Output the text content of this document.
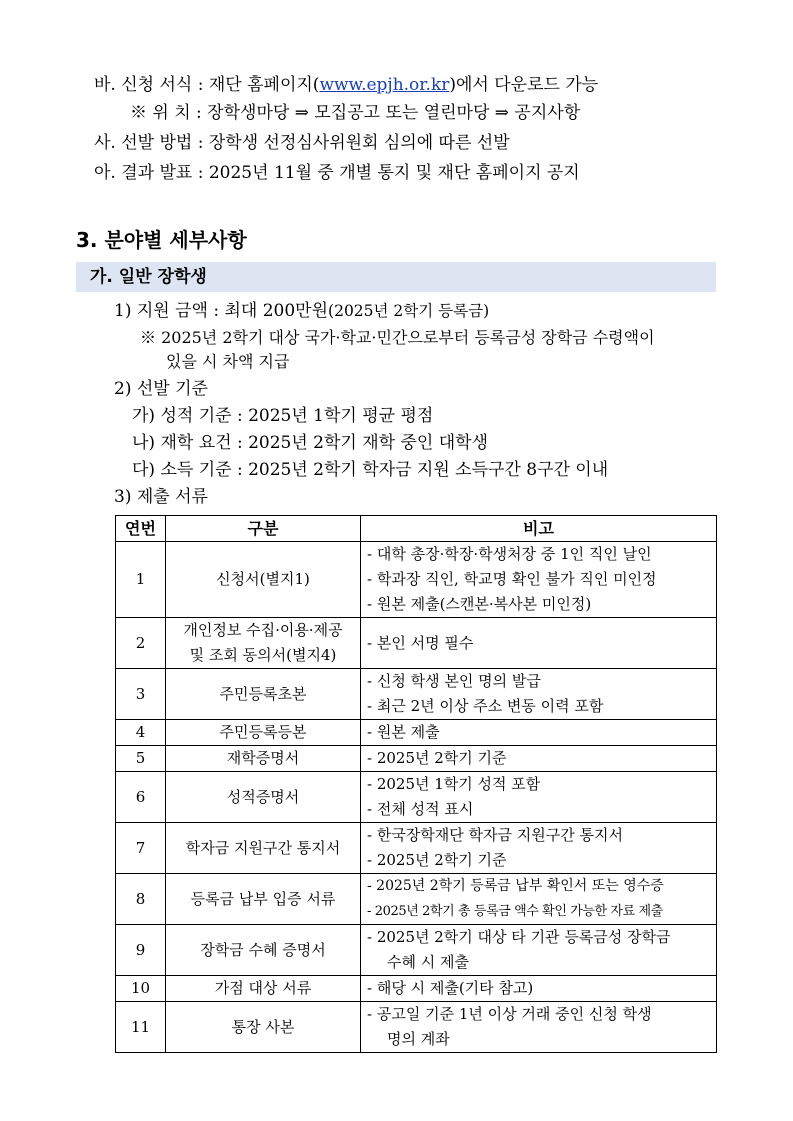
바. 신청 서식 : 재단 홈페이지(www.epjh.or.kr)에서 다운로드 가능
※ 위 치 : 장학생마당 ⇒ 모집공고 또는 열린마당 ⇒ 공지사항
사. 선발 방법 : 장학생 선정심사위원회 심의에 따른 선발
아. 결과 발표 : 2025년 11월 중 개별 통지 및 재단 홈페이지 공지
3. 분야별 세부사항
가. 일반 장학생
1) 지원 금액 : 최대 200만원(2025년 2학기 등록금)
※ 2025년 2학기 대상 국가·학교·민간으로부터 등록금성 장학금 수령액이
있을 시 차액 지급
2) 선발 기준
가) 성적 기준 : 2025년 1학기 평균 평점
나) 재학 요건 : 2025년 2학기 재학 중인 대학생
다) 소득 기준 : 2025년 2학기 학자금 지원 소득구간 8구간 이내
3) 제출 서류
연번	구분	비고
1	신청서(별지1)	- 대학 총장·학장·학생처장 중 1인 직인 날인
- 학과장 직인, 학교명 확인 불가 직인 미인정
- 원본 제출(스캔본·복사본 미인정)

2	개인정보 수집·이용·제공
및 조회 동의서(별지4)	- 본인 서명 필수

3	주민등록초본	- 신청 학생 본인 명의 발급
- 최근 2년 이상 주소 변동 이력 포함

4	주민등록등본	- 원본 제출

5	재학증명서	- 2025년 2학기 기준

6	성적증명서	- 2025년 1학기 성적 포함
- 전체 성적 표시

7	학자금 지원구간 통지서	- 한국장학재단 학자금 지원구간 통지서
- 2025년 2학기 기준

8	등록금 납부 입증 서류	- 2025년 2학기 등록금 납부 확인서 또는 영수증
- 2025년 2학기 총 등록금 액수 확인 가능한 자료 제출

9	장학금 수혜 증명서	- 2025년 2학기 대상 타 기관 등록금성 장학금
수혜 시 제출

10	가점 대상 서류	- 해당 시 제출(기타 참고)

11	통장 사본	- 공고일 기준 1년 이상 거래 중인 신청 학생
명의 계좌
